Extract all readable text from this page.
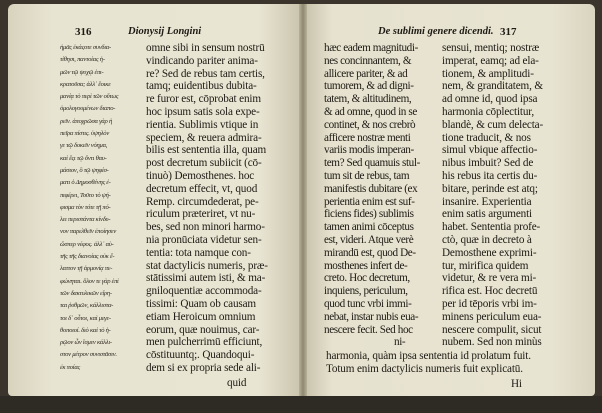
316	Dionysij Longini
ἡμᾶς ἑκάςοτε συνδια-
τίθησι, παντοίας ἡ-
μῶν τῷ ψυχῷ ἐπι-
κρατοῦσα; ἀλλ᾽ ἔοικε
μανίᾳ τὸ περὶ τῶν οὕτως
ὁμολογουμένων διαπο-
ρεῖν. ἀποχρῶσα γὰρ ἡ
πεῖρα πίστις. ὑψηλὸν
γε τῷ δοκεῖν νόημα,
καὶ ἔςι τῷ ὄντι θαυ-
μάσιον, ὃ τῷ ψηφίσ-
ματι ὁ Δημοσθένης ἐ-
πιφέρει, Τοῦτο τὸ ψή-
φισμα τὸν τότε τῇ πό-
λει περιστάντα κίνδυ-
νον παρελθεῖν ἐποίησεν
ὥσπερ νέφος. ἀλλ᾽ αὐ-
τῆς τῆς διανοίας οὐκ ἔ-
λαττον τῇ ἁρμονίᾳ πε-
φώνηται. ὅλον τε γὰρ ἐπὶ
τῶν δακτυλικῶν εἴρη-
ται ῥυθμῶν, κάλλιστα-
τοι δ᾽ οὗτοι, καὶ μεγε-
θοποιοί. διὸ καὶ τὸ ἡ-
ρῷον ὧν ἴσμεν κάλλι-
στον μέτρον συνιστᾶσιν.
ἐκ ποίας
omne sibi in sensum nostrū
vindicando pariter anima-
re? Sed de rebus tam certis,
tamq; euidentibus dubita-
re furor est, cōprobat enim
hoc ipsum satis sola expe-
rientia. Sublimis vtique in
speciem, & reuera admira-
bilis est sententia illa, quam
post decretum subiicit (cō-
tinuò) Demosthenes. hoc
decretum effecit, vt, quod
Remp. circumdederat, pe-
riculum præteriret, vt nu-
bes, sed non minori harmo-
nia pronūciata videtur sen-
tentia: tota namque con-
stat dactylicis numeris, præ-
stātissimi autem isti, & ma-
gniloquentiæ accommoda-
tissimi: Quam ob causam
etiam Heroicum omnium
eorum, quæ nouimus, car-
men pulcherrimū efficiunt,
cōstituuntq;. Quandoqui-
dem si ex propria sede ali-
quid
De sublimi genere dicendi. 317
hæc eadem magnitudi-
nes concinnantem, &
allicere pariter, & ad
tumorem, & ad digni-
tatem, & altitudinem,
& ad omne, quod in se
continet, & nos crebrò
afficere nostræ menti
variis modis imperan-
tem? Sed quamuis stul-
tum sit de rebus, tam
manifestis dubitare (ex
perientia enim est suf-
ficiens fides) sublimis
tamen animi cōceptus
est, videri. Atque verè
mirandū est, quod De-
mosthenes infert de-
creto. Hoc decretum,
inquiens, periculum,
quod tunc vrbi immi-
nebat, instar nubis eua-
nescere fecit. Sed hoc
ni-
sensui, mentiq; nostræ
imperat, eamq; ad ela-
tionem, & amplitudi-
nem, & granditatem, &
ad omne id, quod ipsa
harmonia cōplectitur,
blandè, & cum delecta-
tione traducit, & nos
simul vbique affectio-
nibus imbuit? Sed de
his rebus ita certis du-
bitare, perinde est atq;
insanire. Experientia
enim satis argumenti
habet. Sententia profe-
ctò, quæ in decreto à
Demosthene exprimi-
tur, mirifica quidem
videtur, & re vera mi-
rifica est. Hoc decretū
per id tēporis vrbi im-
minens periculum eua-
nescere compulit, sicut
nubem. Sed non minùs
harmonia, quàm ipsa sententia id prolatum fuit.
Totum enim dactylicis numeris fuit explicatū.
Hi
